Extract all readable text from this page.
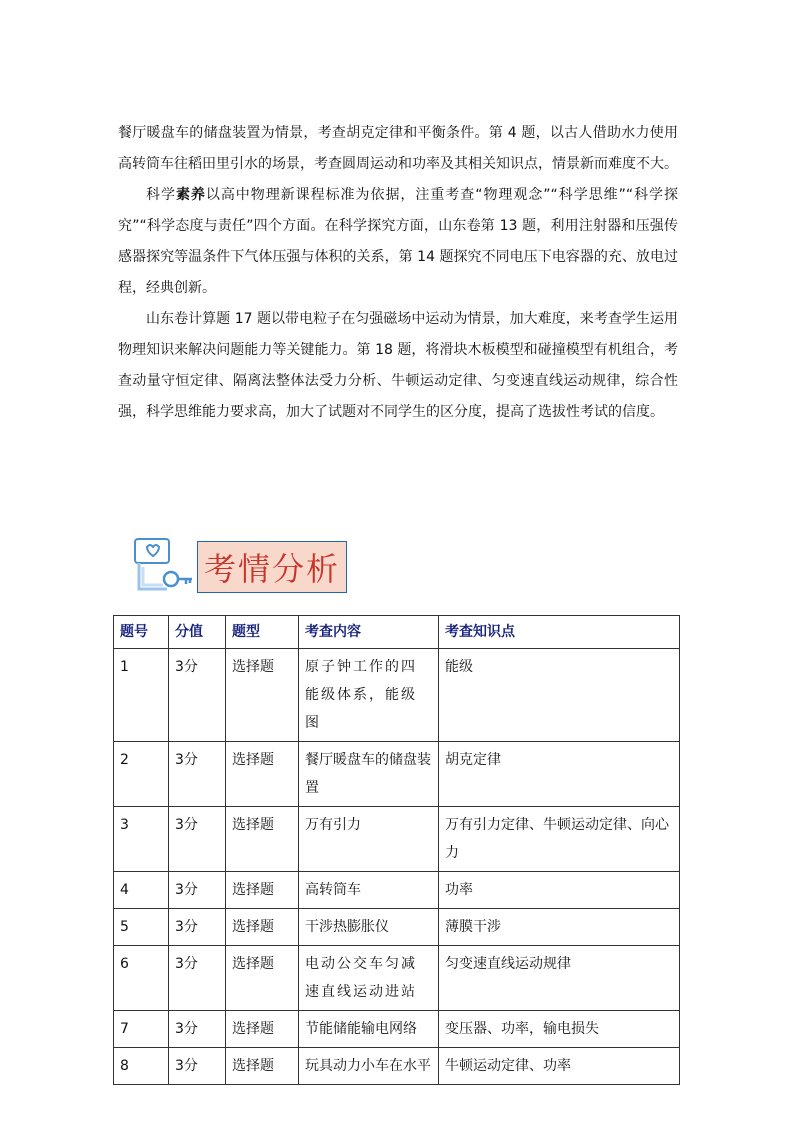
餐厅暖盘车的储盘装置为情景，考查胡克定律和平衡条件。第 4 题，以古人借助水力使用高转筒车往稻田里引水的场景，考查圆周运动和功率及其相关知识点，情景新而难度不大。

科学素养以高中物理新课程标准为依据，注重考查“物理观念”“科学思维”“科学探究”“科学态度与责任”四个方面。在科学探究方面，山东卷第 13 题，利用注射器和压强传感器探究等温条件下气体压强与体积的关系，第 14 题探究不同电压下电容器的充、放电过程，经典创新。

山东卷计算题 17 题以带电粒子在匀强磁场中运动为情景，加大难度，来考查学生运用物理知识来解决问题能力等关键能力。第 18 题，将滑块木板模型和碰撞模型有机组合，考查动量守恒定律、隔离法整体法受力分析、牛顿运动定律、匀变速直线运动规律，综合性强，科学思维能力要求高，加大了试题对不同学生的区分度，提高了选拔性考试的信度。

考情分析
题号	分值	题型	考查内容	考查知识点
1	3分	选择题	原子钟工作的四能级体系，能级图	能级
2	3分	选择题	餐厅暖盘车的储盘装置	胡克定律
3	3分	选择题	万有引力	万有引力定律、牛顿运动定律、向心力
4	3分	选择题	高转筒车	功率
5	3分	选择题	干涉热膨胀仪	薄膜干涉
6	3分	选择题	电动公交车匀减速直线运动进站	匀变速直线运动规律
7	3分	选择题	节能储能输电网络	变压器、功率，输电损失
8	3分	选择题	玩具动力小车在水平	牛顿运动定律、功率
